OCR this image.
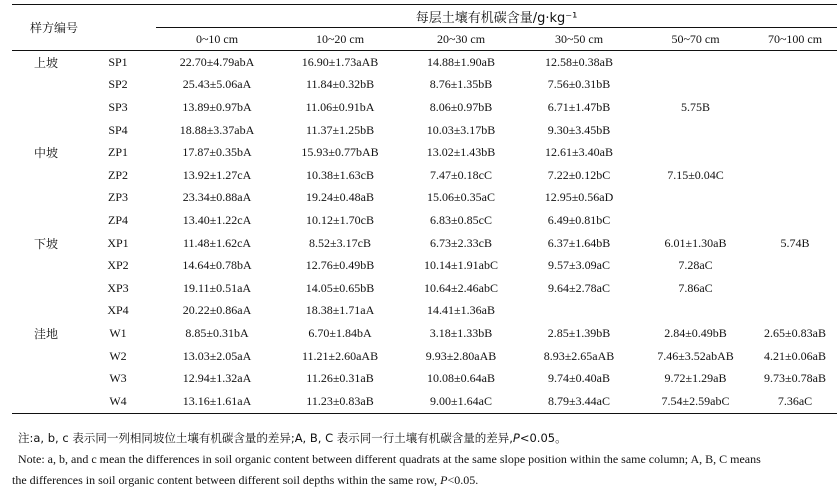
样方编号		每层土壤有机碳含量/g·kg⁻¹					
		0~10 cm	10~20 cm	20~30 cm	30~50 cm	50~70 cm	70~100 cm
上坡	SP1	22.70±4.79abA	16.90±1.73aAB	14.88±1.90aB	12.58±0.38aB		
	SP2	25.43±5.06aA	11.84±0.32bB	8.76±1.35bB	7.56±0.31bB		
	SP3	13.89±0.97bA	11.06±0.91bA	8.06±0.97bB	6.71±1.47bB	5.75B	
	SP4	18.88±3.37abA	11.37±1.25bB	10.03±3.17bB	9.30±3.45bB		
中坡	ZP1	17.87±0.35bA	15.93±0.77bAB	13.02±1.43bB	12.61±3.40aB		
	ZP2	13.92±1.27cA	10.38±1.63cB	7.47±0.18cC	7.22±0.12bC	7.15±0.04C	
	ZP3	23.34±0.88aA	19.24±0.48aB	15.06±0.35aC	12.95±0.56aD		
	ZP4	13.40±1.22cA	10.12±1.70cB	6.83±0.85cC	6.49±0.81bC		
下坡	XP1	11.48±1.62cA	8.52±3.17cB	6.73±2.33cB	6.37±1.64bB	6.01±1.30aB	5.74B
	XP2	14.64±0.78bA	12.76±0.49bB	10.14±1.91abC	9.57±3.09aC	7.28aC	
	XP3	19.11±0.51aA	14.05±0.65bB	10.64±2.46abC	9.64±2.78aC	7.86aC	
	XP4	20.22±0.86aA	18.38±1.71aA	14.41±1.36aB			
洼地	W1	8.85±0.31bA	6.70±1.84bA	3.18±1.33bB	2.85±1.39bB	2.84±0.49bB	2.65±0.83aB
	W2	13.03±2.05aA	11.21±2.60aAB	9.93±2.80aAB	8.93±2.65aAB	7.46±3.52abAB	4.21±0.06aB
	W3	12.94±1.32aA	11.26±0.31aB	10.08±0.64aB	9.74±0.40aB	9.72±1.29aB	9.73±0.78aB
	W4	13.16±1.61aA	11.23±0.83aB	9.00±1.64aC	8.79±3.44aC	7.54±2.59abC	7.36aC
注:a, b, c 表示同一列相同坡位土壤有机碳含量的差异;A, B, C 表示同一行土壤有机碳含量的差异,P<0.05。
Note: a, b, and c mean the differences in soil organic content between different quadrats at the same slope position within the same column; A, B, C means
the differences in soil organic content between different soil depths within the same row, P<0.05.
